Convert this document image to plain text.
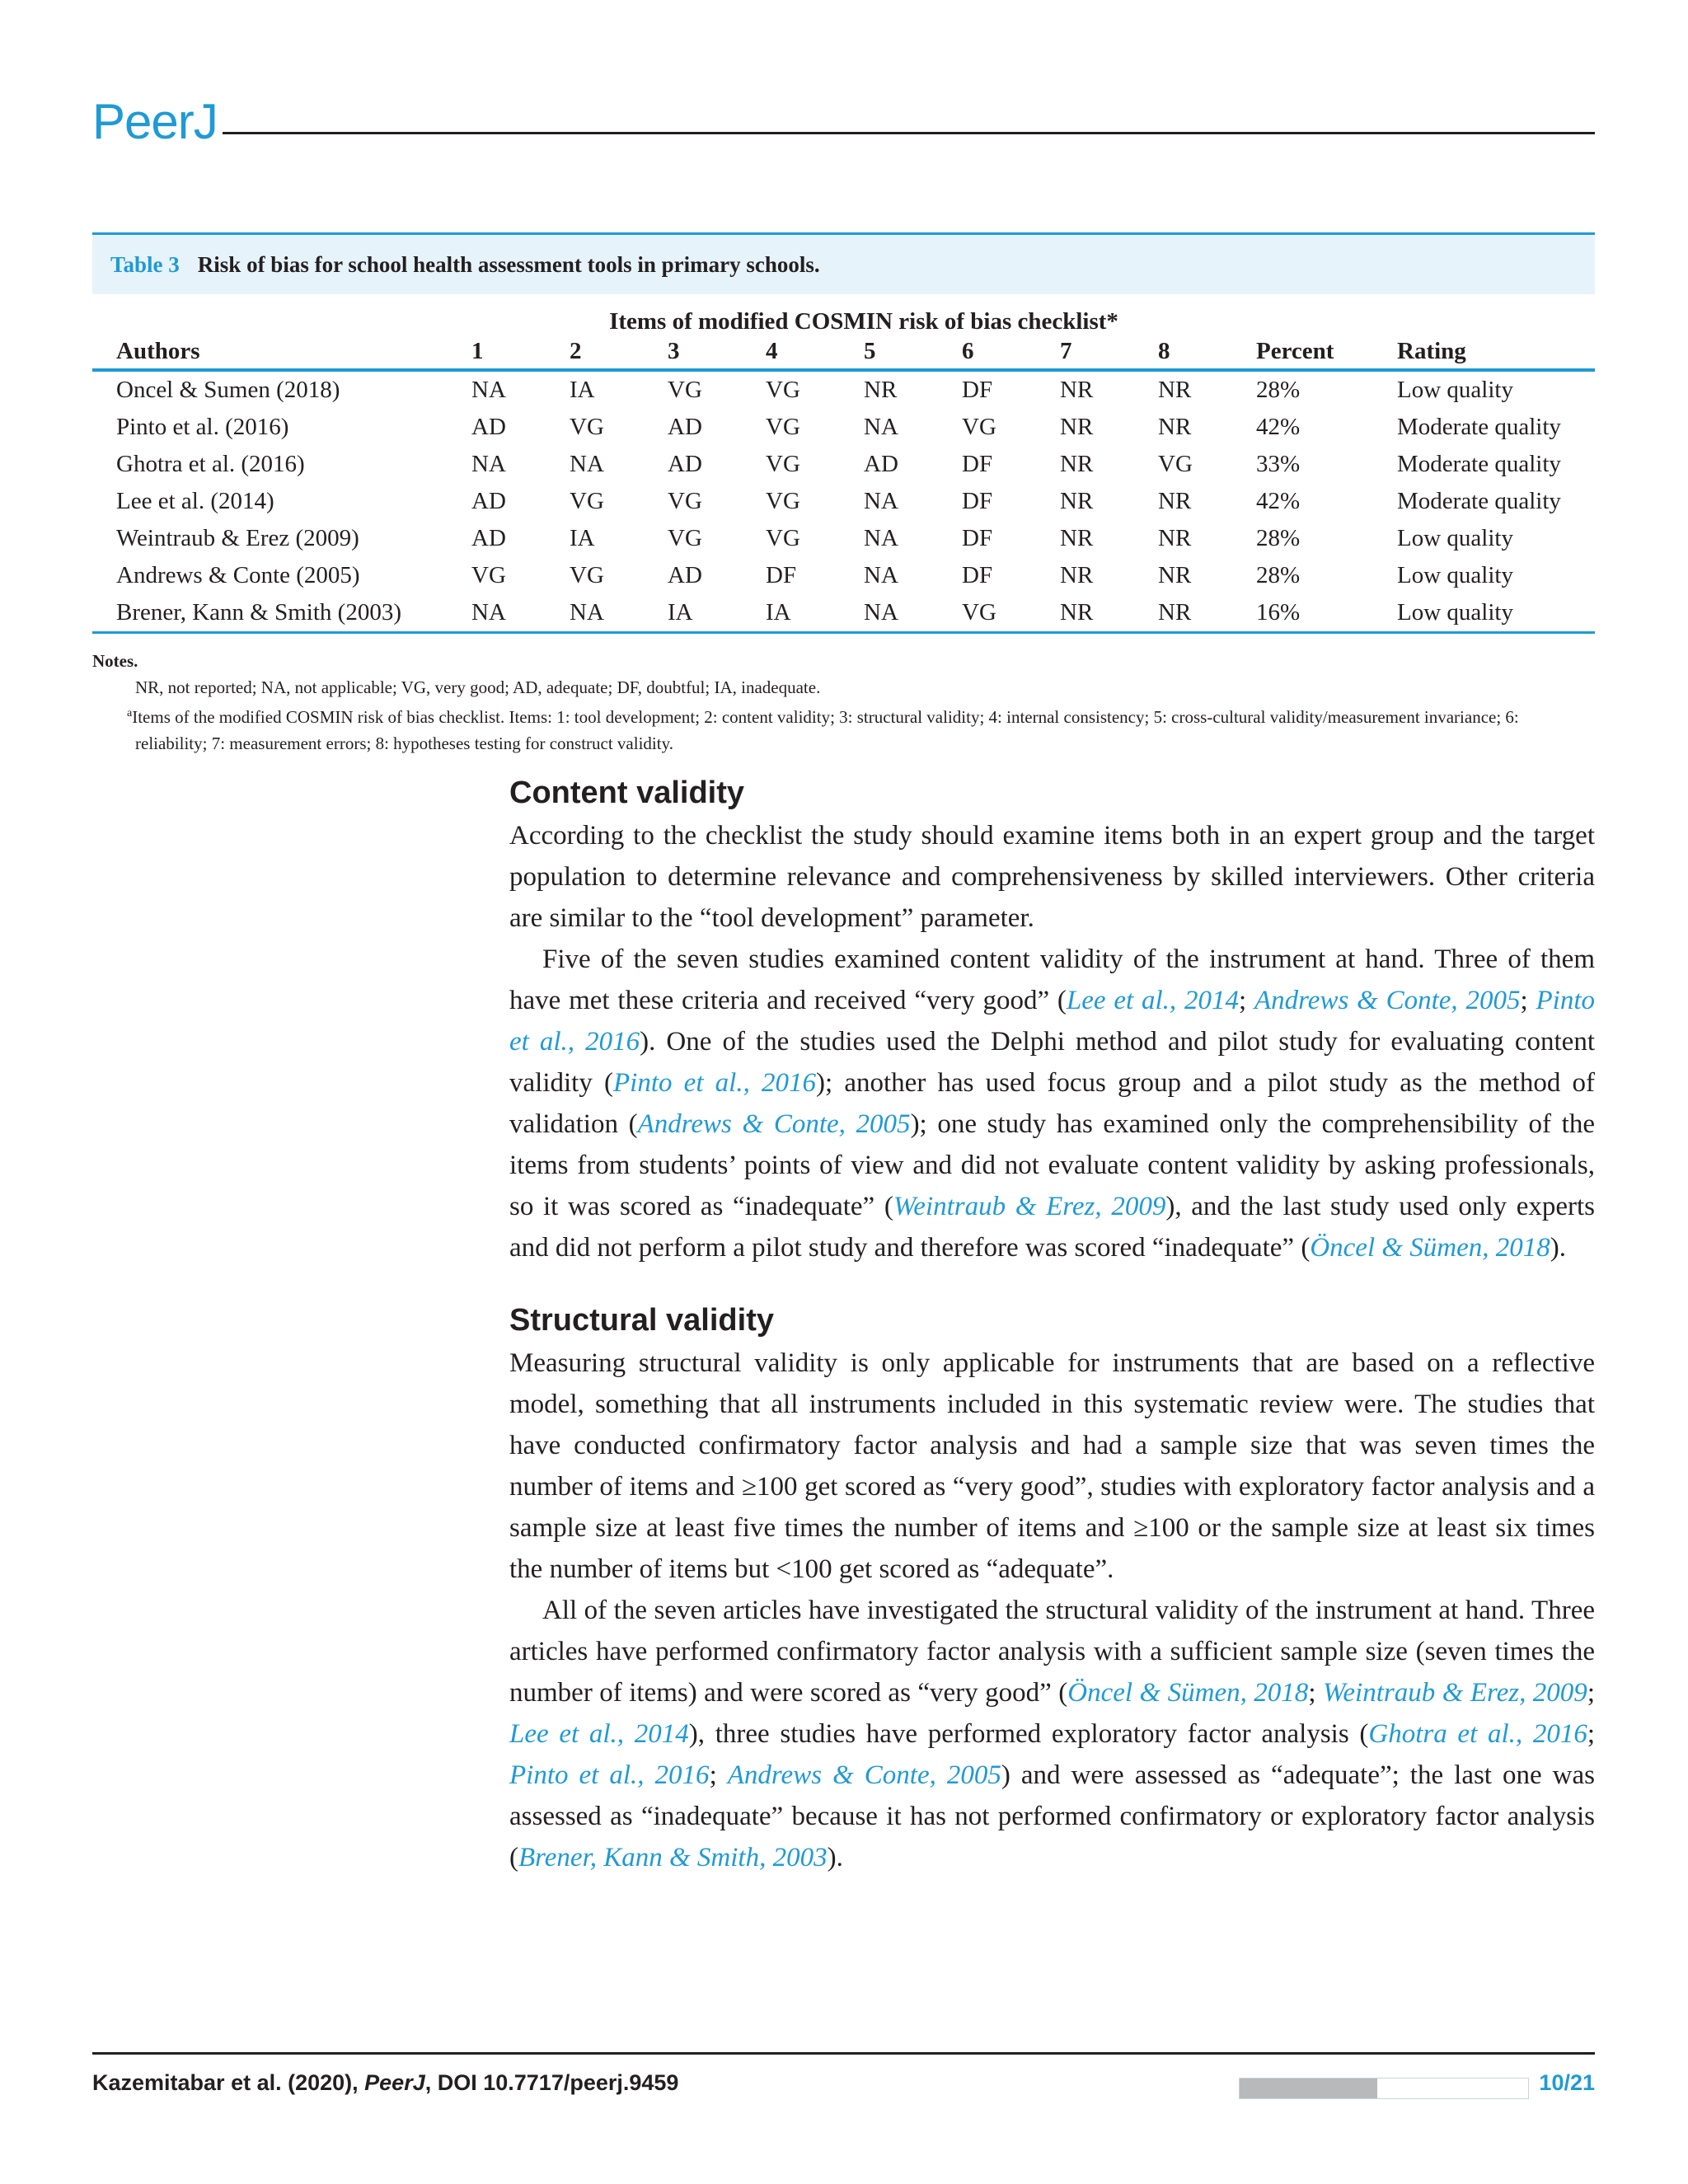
PeerJ
Table 3 Risk of bias for school health assessment tools in primary schools.
	Items of modified COSMIN risk of bias checklist*									
Authors	1	2	3	4	5	6	7	8	Percent	Rating
Oncel & Sumen (2018)	NA	IA	VG	VG	NR	DF	NR	NR	28%	Low quality
Pinto et al. (2016)	AD	VG	AD	VG	NA	VG	NR	NR	42%	Moderate quality
Ghotra et al. (2016)	NA	NA	AD	VG	AD	DF	NR	VG	33%	Moderate quality
Lee et al. (2014)	AD	VG	VG	VG	NA	DF	NR	NR	42%	Moderate quality
Weintraub & Erez (2009)	AD	IA	VG	VG	NA	DF	NR	NR	28%	Low quality
Andrews & Conte (2005)	VG	VG	AD	DF	NA	DF	NR	NR	28%	Low quality
Brener, Kann & Smith (2003)	NA	NA	IA	IA	NA	VG	NR	NR	16%	Low quality
Notes.
NR, not reported; NA, not applicable; VG, very good; AD, adequate; DF, doubtful; IA, inadequate.
$^a$Items of the modified COSMIN risk of bias checklist. Items: 1: tool development; 2: content validity; 3: structural validity; 4: internal consistency; 5: cross-cultural validity/measurement invariance; 6: reliability; 7: measurement errors; 8: hypotheses testing for construct validity.
Content validity

According to the checklist the study should examine items both in an expert group and the target population to determine relevance and comprehensiveness by skilled interviewers. Other criteria are similar to the “tool development” parameter.

Five of the seven studies examined content validity of the instrument at hand. Three of them have met these criteria and received “very good” (Lee et al., 2014; Andrews & Conte, 2005; Pinto et al., 2016). One of the studies used the Delphi method and pilot study for evaluating content validity (Pinto et al., 2016); another has used focus group and a pilot study as the method of validation (Andrews & Conte, 2005); one study has examined only the comprehensibility of the items from students’ points of view and did not evaluate content validity by asking professionals, so it was scored as “inadequate” (Weintraub & Erez, 2009), and the last study used only experts and did not perform a pilot study and therefore was scored “inadequate” (Öncel & Sümen, 2018).

Structural validity

Measuring structural validity is only applicable for instruments that are based on a reflective model, something that all instruments included in this systematic review were. The studies that have conducted confirmatory factor analysis and had a sample size that was seven times the number of items and ≥100 get scored as “very good”, studies with exploratory factor analysis and a sample size at least five times the number of items and ≥100 or the sample size at least six times the number of items but <100 get scored as “adequate”.

All of the seven articles have investigated the structural validity of the instrument at hand. Three articles have performed confirmatory factor analysis with a sufficient sample size (seven times the number of items) and were scored as “very good” (Öncel & Sümen, 2018; Weintraub & Erez, 2009; Lee et al., 2014), three studies have performed exploratory factor analysis (Ghotra et al., 2016; Pinto et al., 2016; Andrews & Conte, 2005) and were assessed as “adequate”; the last one was assessed as “inadequate” because it has not performed confirmatory or exploratory factor analysis (Brener, Kann & Smith, 2003).

Kazemitabar et al. (2020), PeerJ, DOI 10.7717/peerj.9459	10/21
